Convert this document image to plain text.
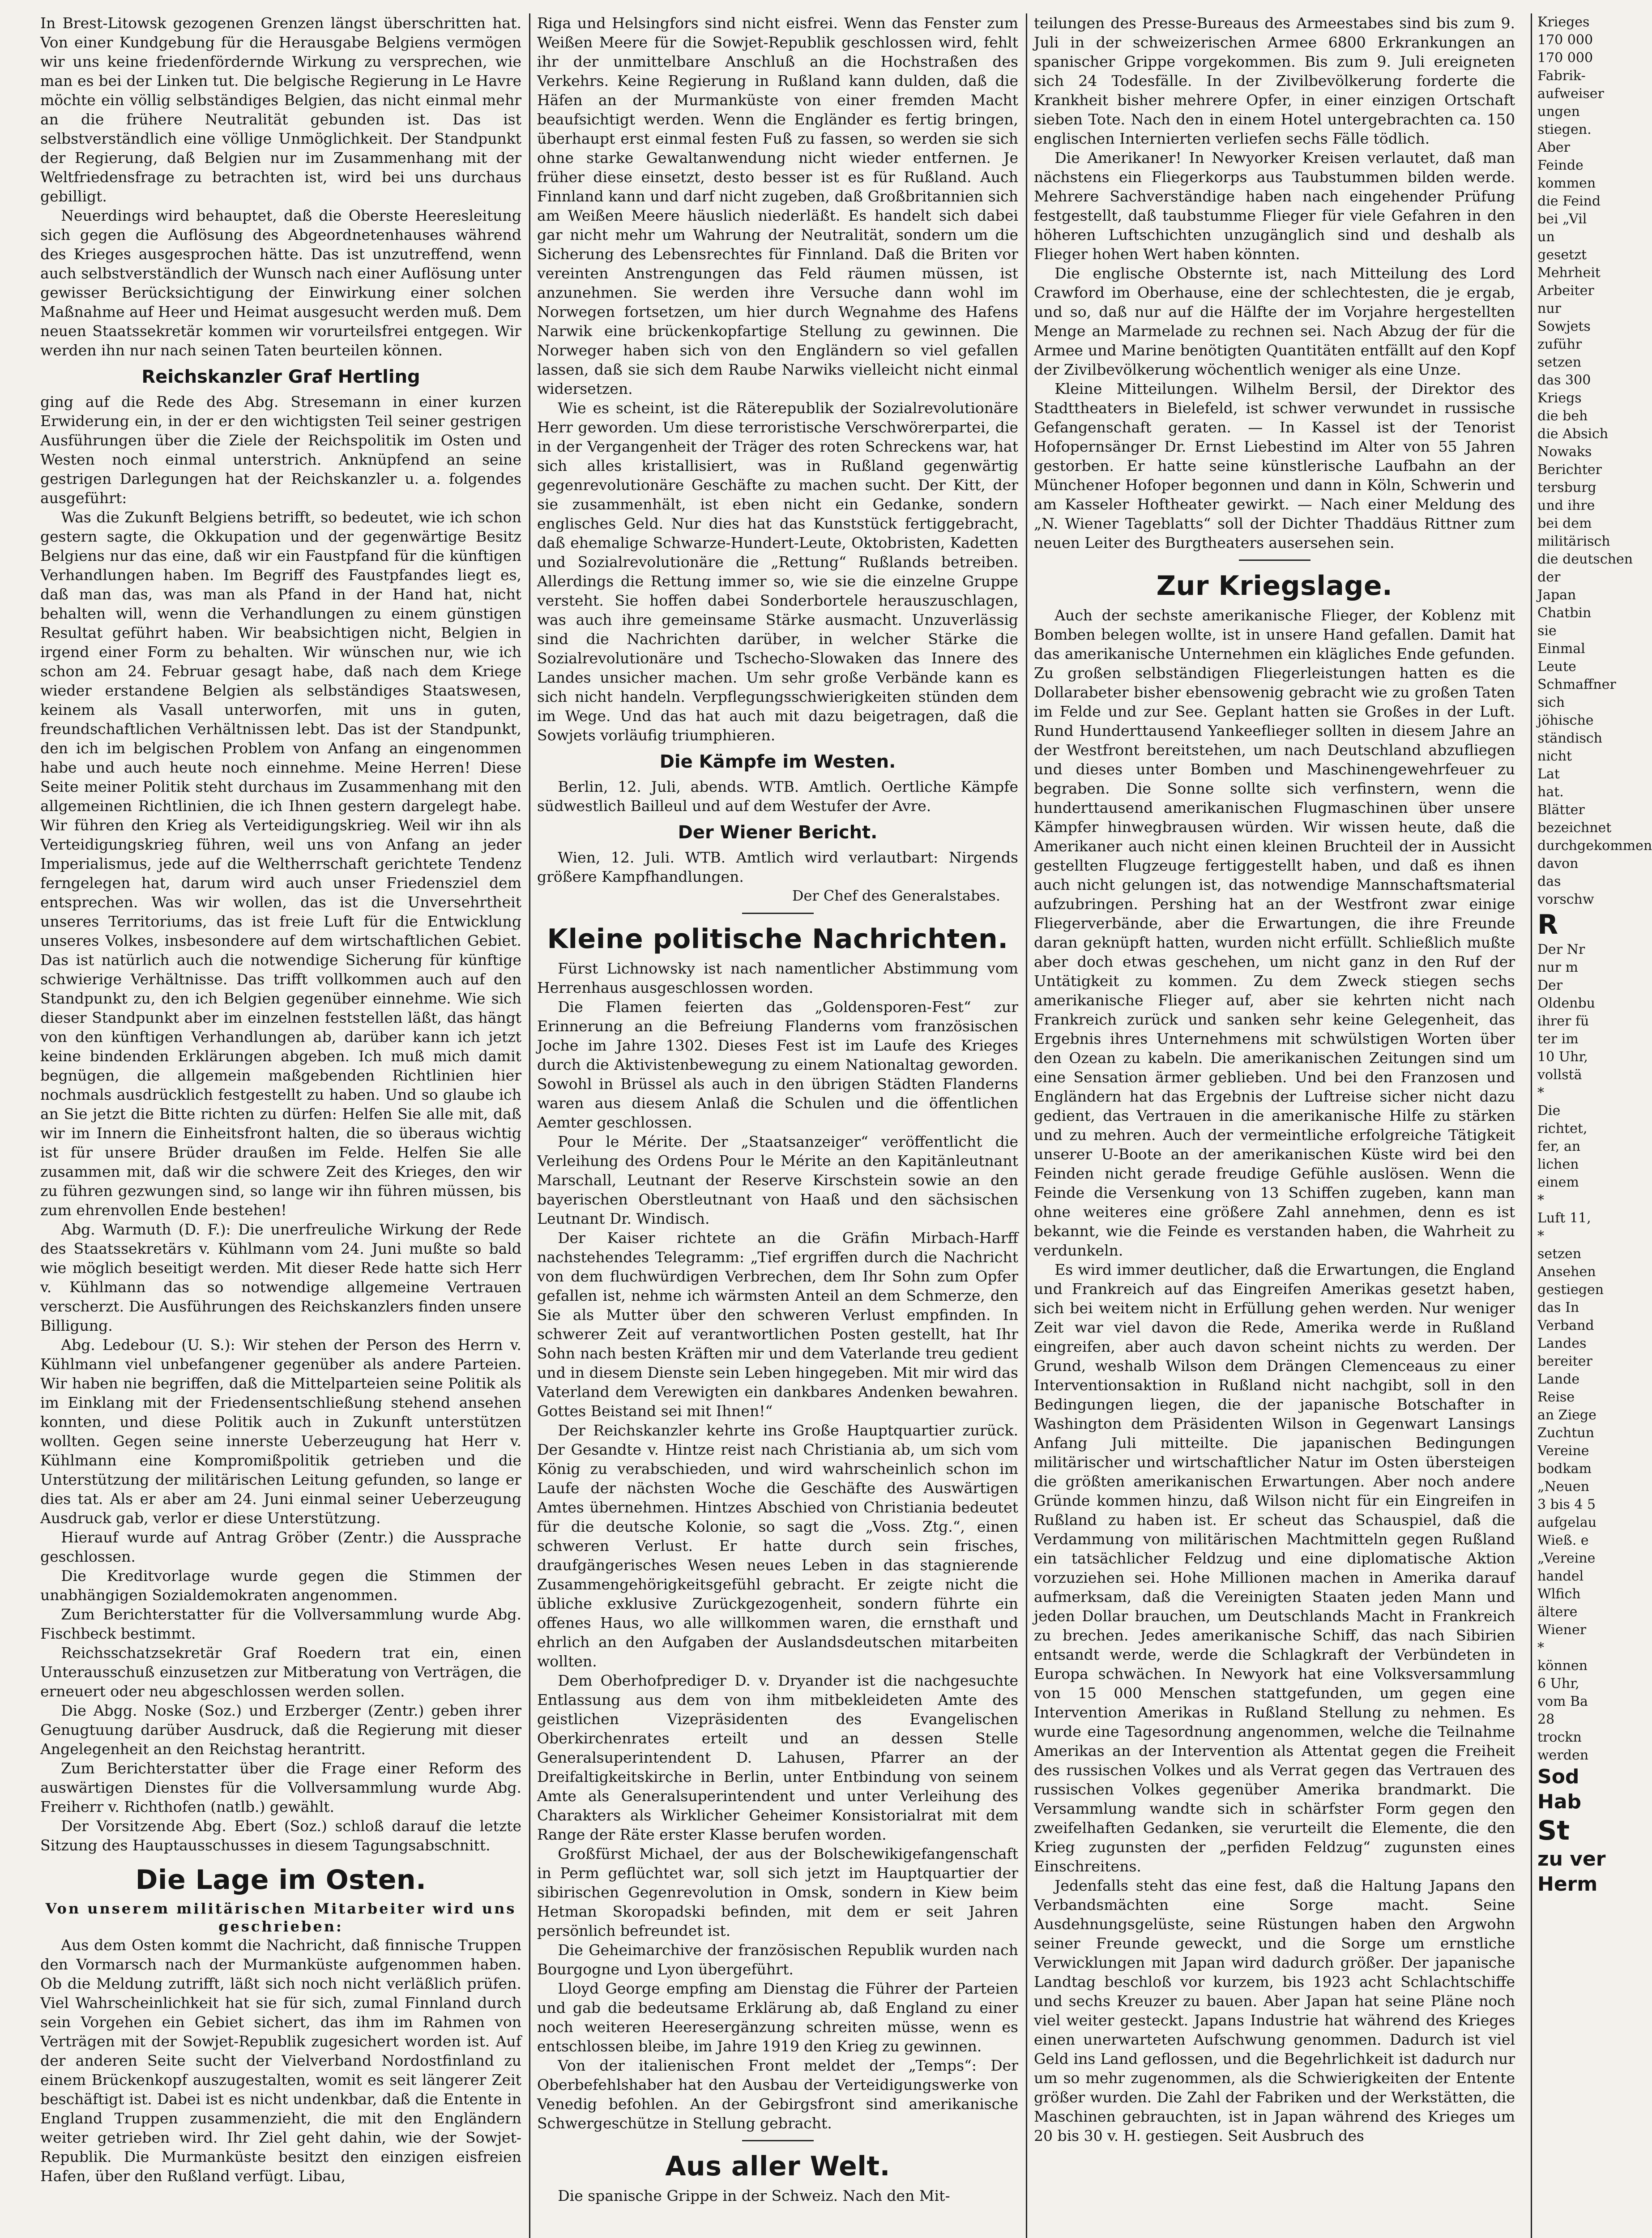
In Brest-Litowsk gezogenen Grenzen längst überschritten hat. Von einer Kundgebung für die Herausgabe Belgiens vermögen wir uns keine friedenfördernde Wirkung zu versprechen, wie man es bei der Linken tut. Die belgische Regierung in Le Havre möchte ein völlig selbständiges Belgien, das nicht einmal mehr an die frühere Neutralität gebunden ist. Das ist selbstverständlich eine völlige Unmöglichkeit. Der Standpunkt der Regierung, daß Belgien nur im Zusammenhang mit der Weltfriedensfrage zu betrachten ist, wird bei uns durchaus gebilligt.

Neuerdings wird behauptet, daß die Oberste Heeresleitung sich gegen die Auflösung des Abgeordnetenhauses während des Krieges ausgesprochen hätte. Das ist unzutreffend, wenn auch selbstverständlich der Wunsch nach einer Auflösung unter gewisser Berücksichtigung der Einwirkung einer solchen Maßnahme auf Heer und Heimat ausgesucht werden muß. Dem neuen Staatssekretär kommen wir vorurteilsfrei entgegen. Wir werden ihn nur nach seinen Taten beurteilen können.

Reichskanzler Graf Hertling

ging auf die Rede des Abg. Stresemann in einer kurzen Erwiderung ein, in der er den wichtigsten Teil seiner gestrigen Ausführungen über die Ziele der Reichspolitik im Osten und Westen noch einmal unterstrich. Anknüpfend an seine gestrigen Darlegungen hat der Reichskanzler u. a. folgendes ausgeführt:

Was die Zukunft Belgiens betrifft, so bedeutet, wie ich schon gestern sagte, die Okkupation und der gegenwärtige Besitz Belgiens nur das eine, daß wir ein Faustpfand für die künftigen Verhandlungen haben. Im Begriff des Faustpfandes liegt es, daß man das, was man als Pfand in der Hand hat, nicht behalten will, wenn die Verhandlungen zu einem günstigen Resultat geführt haben. Wir beabsichtigen nicht, Belgien in irgend einer Form zu behalten. Wir wünschen nur, wie ich schon am 24. Februar gesagt habe, daß nach dem Kriege wieder erstandene Belgien als selbständiges Staatswesen, keinem als Vasall unterworfen, mit uns in guten, freundschaftlichen Verhältnissen lebt. Das ist der Standpunkt, den ich im belgischen Problem von Anfang an eingenommen habe und auch heute noch einnehme. Meine Herren! Diese Seite meiner Politik steht durchaus im Zusammenhang mit den allgemeinen Richtlinien, die ich Ihnen gestern dargelegt habe. Wir führen den Krieg als Verteidigungskrieg. Weil wir ihn als Verteidigungskrieg führen, weil uns von Anfang an jeder Imperialismus, jede auf die Weltherrschaft gerichtete Tendenz ferngelegen hat, darum wird auch unser Friedensziel dem entsprechen. Was wir wollen, das ist die Unversehrtheit unseres Territoriums, das ist freie Luft für die Entwicklung unseres Volkes, insbesondere auf dem wirtschaftlichen Gebiet. Das ist natürlich auch die notwendige Sicherung für künftige schwierige Verhältnisse. Das trifft vollkommen auch auf den Standpunkt zu, den ich Belgien gegenüber einnehme. Wie sich dieser Standpunkt aber im einzelnen feststellen läßt, das hängt von den künftigen Verhandlungen ab, darüber kann ich jetzt keine bindenden Erklärungen abgeben. Ich muß mich damit begnügen, die allgemein maßgebenden Richtlinien hier nochmals ausdrücklich festgestellt zu haben. Und so glaube ich an Sie jetzt die Bitte richten zu dürfen: Helfen Sie alle mit, daß wir im Innern die Einheitsfront halten, die so überaus wichtig ist für unsere Brüder draußen im Felde. Helfen Sie alle zusammen mit, daß wir die schwere Zeit des Krieges, den wir zu führen gezwungen sind, so lange wir ihn führen müssen, bis zum ehrenvollen Ende bestehen!

Abg. Warmuth (D. F.): Die unerfreuliche Wirkung der Rede des Staatssekretärs v. Kühlmann vom 24. Juni mußte so bald wie möglich beseitigt werden. Mit dieser Rede hatte sich Herr v. Kühlmann das so notwendige allgemeine Vertrauen verscherzt. Die Ausführungen des Reichskanzlers finden unsere Billigung.

Abg. Ledebour (U. S.): Wir stehen der Person des Herrn v. Kühlmann viel unbefangener gegenüber als andere Parteien. Wir haben nie begriffen, daß die Mittelparteien seine Politik als im Einklang mit der Friedensentschließung stehend ansehen konnten, und diese Politik auch in Zukunft unterstützen wollten. Gegen seine innerste Ueberzeugung hat Herr v. Kühlmann eine Kompromißpolitik getrieben und die Unterstützung der militärischen Leitung gefunden, so lange er dies tat. Als er aber am 24. Juni einmal seiner Ueberzeugung Ausdruck gab, verlor er diese Unterstützung.

Hierauf wurde auf Antrag Gröber (Zentr.) die Aussprache geschlossen.

Die Kreditvorlage wurde gegen die Stimmen der unabhängigen Sozialdemokraten angenommen.

Zum Berichterstatter für die Vollversammlung wurde Abg. Fischbeck bestimmt.

Reichsschatzsekretär Graf Roedern trat ein, einen Unterausschuß einzusetzen zur Mitberatung von Verträgen, die erneuert oder neu abgeschlossen werden sollen.

Die Abgg. Noske (Soz.) und Erzberger (Zentr.) geben ihrer Genugtuung darüber Ausdruck, daß die Regierung mit dieser Angelegenheit an den Reichstag herantritt.

Zum Berichterstatter über die Frage einer Reform des auswärtigen Dienstes für die Vollversammlung wurde Abg. Freiherr v. Richthofen (natlb.) gewählt.

Der Vorsitzende Abg. Ebert (Soz.) schloß darauf die letzte Sitzung des Hauptausschusses in diesem Tagungsabschnitt.

Die Lage im Osten.
Von unserem militärischen Mitarbeiter wird uns geschrieben:

Aus dem Osten kommt die Nachricht, daß finnische Truppen den Vormarsch nach der Murmanküste aufgenommen haben. Ob die Meldung zutrifft, läßt sich noch nicht verläßlich prüfen. Viel Wahrscheinlichkeit hat sie für sich, zumal Finnland durch sein Vorgehen ein Gebiet sichert, das ihm im Rahmen von Verträgen mit der Sowjet-Republik zugesichert worden ist. Auf der anderen Seite sucht der Vielverband Nordostfinland zu einem Brückenkopf auszugestalten, womit es seit längerer Zeit beschäftigt ist. Dabei ist es nicht undenkbar, daß die Entente in England Truppen zusammenzieht, die mit den Engländern weiter getrieben wird. Ihr Ziel geht dahin, wie der Sowjet-Republik. Die Murmanküste besitzt den einzigen eisfreien Hafen, über den Rußland verfügt. Libau,

Riga und Helsingfors sind nicht eisfrei. Wenn das Fenster zum Weißen Meere für die Sowjet-Republik geschlossen wird, fehlt ihr der unmittelbare Anschluß an die Hochstraßen des Verkehrs. Keine Regierung in Rußland kann dulden, daß die Häfen an der Murmanküste von einer fremden Macht beaufsichtigt werden. Wenn die Engländer es fertig bringen, überhaupt erst einmal festen Fuß zu fassen, so werden sie sich ohne starke Gewaltanwendung nicht wieder entfernen. Je früher diese einsetzt, desto besser ist es für Rußland. Auch Finnland kann und darf nicht zugeben, daß Großbritannien sich am Weißen Meere häuslich niederläßt. Es handelt sich dabei gar nicht mehr um Wahrung der Neutralität, sondern um die Sicherung des Lebensrechtes für Finnland. Daß die Briten vor vereinten Anstrengungen das Feld räumen müssen, ist anzunehmen. Sie werden ihre Versuche dann wohl im Norwegen fortsetzen, um hier durch Wegnahme des Hafens Narwik eine brückenkopfartige Stellung zu gewinnen. Die Norweger haben sich von den Engländern so viel gefallen lassen, daß sie sich dem Raube Narwiks vielleicht nicht einmal widersetzen.

Wie es scheint, ist die Räterepublik der Sozialrevolutionäre Herr geworden. Um diese terroristische Verschwörerpartei, die in der Vergangenheit der Träger des roten Schreckens war, hat sich alles kristallisiert, was in Rußland gegenwärtig gegenrevolutionäre Geschäfte zu machen sucht. Der Kitt, der sie zusammenhält, ist eben nicht ein Gedanke, sondern englisches Geld. Nur dies hat das Kunststück fertiggebracht, daß ehemalige Schwarze-Hundert-Leute, Oktobristen, Kadetten und Sozialrevolutionäre die „Rettung“ Rußlands betreiben. Allerdings die Rettung immer so, wie sie die einzelne Gruppe versteht. Sie hoffen dabei Sonderbortele herauszuschlagen, was auch ihre gemeinsame Stärke ausmacht. Unzuverlässig sind die Nachrichten darüber, in welcher Stärke die Sozialrevolutionäre und Tschecho-Slowaken das Innere des Landes unsicher machen. Um sehr große Verbände kann es sich nicht handeln. Verpflegungsschwierigkeiten stünden dem im Wege. Und das hat auch mit dazu beigetragen, daß die Sowjets vorläufig triumphieren.

Die Kämpfe im Westen.

Berlin, 12. Juli, abends. WTB. Amtlich. Oertliche Kämpfe südwestlich Bailleul und auf dem Westufer der Avre.

Der Wiener Bericht.

Wien, 12. Juli. WTB. Amtlich wird verlautbart: Nirgends größere Kampfhandlungen.

Der Chef des Generalstabes.
Kleine politische Nachrichten.

Fürst Lichnowsky ist nach namentlicher Abstimmung vom Herrenhaus ausgeschlossen worden.

Die Flamen feierten das „Goldensporen-Fest“ zur Erinnerung an die Befreiung Flanderns vom französischen Joche im Jahre 1302. Dieses Fest ist im Laufe des Krieges durch die Aktivistenbewegung zu einem Nationaltag geworden. Sowohl in Brüssel als auch in den übrigen Städten Flanderns waren aus diesem Anlaß die Schulen und die öffentlichen Aemter geschlossen.

Pour le Mérite. Der „Staatsanzeiger“ veröffentlicht die Verleihung des Ordens Pour le Mérite an den Kapitänleutnant Marschall, Leutnant der Reserve Kirschstein sowie an den bayerischen Oberstleutnant von Haaß und den sächsischen Leutnant Dr. Windisch.

Der Kaiser richtete an die Gräfin Mirbach-Harff nachstehendes Telegramm: „Tief ergriffen durch die Nachricht von dem fluchwürdigen Verbrechen, dem Ihr Sohn zum Opfer gefallen ist, nehme ich wärmsten Anteil an dem Schmerze, den Sie als Mutter über den schweren Verlust empfinden. In schwerer Zeit auf verantwortlichen Posten gestellt, hat Ihr Sohn nach besten Kräften mir und dem Vaterlande treu gedient und in diesem Dienste sein Leben hingegeben. Mit mir wird das Vaterland dem Verewigten ein dankbares Andenken bewahren. Gottes Beistand sei mit Ihnen!“

Der Reichskanzler kehrte ins Große Hauptquartier zurück. Der Gesandte v. Hintze reist nach Christiania ab, um sich vom König zu verabschieden, und wird wahrscheinlich schon im Laufe der nächsten Woche die Geschäfte des Auswärtigen Amtes übernehmen. Hintzes Abschied von Christiania bedeutet für die deutsche Kolonie, so sagt die „Voss. Ztg.“, einen schweren Verlust. Er hatte durch sein frisches, draufgängerisches Wesen neues Leben in das stagnierende Zusammengehörigkeitsgefühl gebracht. Er zeigte nicht die übliche exklusive Zurückgezogenheit, sondern führte ein offenes Haus, wo alle willkommen waren, die ernsthaft und ehrlich an den Aufgaben der Auslandsdeutschen mitarbeiten wollten.

Dem Oberhofprediger D. v. Dryander ist die nachgesuchte Entlassung aus dem von ihm mitbekleideten Amte des geistlichen Vizepräsidenten des Evangelischen Oberkirchenrates erteilt und an dessen Stelle Generalsuperintendent D. Lahusen, Pfarrer an der Dreifaltigkeitskirche in Berlin, unter Entbindung von seinem Amte als Generalsuperintendent und unter Verleihung des Charakters als Wirklicher Geheimer Konsistorialrat mit dem Range der Räte erster Klasse berufen worden.

Großfürst Michael, der aus der Bolschewikigefangenschaft in Perm geflüchtet war, soll sich jetzt im Hauptquartier der sibirischen Gegenrevolution in Omsk, sondern in Kiew beim Hetman Skoropadski befinden, mit dem er seit Jahren persönlich befreundet ist.

Die Geheimarchive der französischen Republik wurden nach Bourgogne und Lyon übergeführt.

Lloyd George empfing am Dienstag die Führer der Parteien und gab die bedeutsame Erklärung ab, daß England zu einer noch weiteren Heeresergänzung schreiten müsse, wenn es entschlossen bleibe, im Jahre 1919 den Krieg zu gewinnen.

Von der italienischen Front meldet der „Temps“: Der Oberbefehlshaber hat den Ausbau der Verteidigungswerke von Venedig befohlen. An der Gebirgsfront sind amerikanische Schwergeschütze in Stellung gebracht.

Aus aller Welt.

Die spanische Grippe in der Schweiz. Nach den Mit-

teilungen des Presse-Bureaus des Armeestabes sind bis zum 9. Juli in der schweizerischen Armee 6800 Erkrankungen an spanischer Grippe vorgekommen. Bis zum 9. Juli ereigneten sich 24 Todesfälle. In der Zivilbevölkerung forderte die Krankheit bisher mehrere Opfer, in einer einzigen Ortschaft sieben Tote. Nach den in einem Hotel untergebrachten ca. 150 englischen Internierten verliefen sechs Fälle tödlich.

Die Amerikaner! In Newyorker Kreisen verlautet, daß man nächstens ein Fliegerkorps aus Taubstummen bilden werde. Mehrere Sachverständige haben nach eingehender Prüfung festgestellt, daß taubstumme Flieger für viele Gefahren in den höheren Luftschichten unzugänglich sind und deshalb als Flieger hohen Wert haben könnten.

Die englische Obsternte ist, nach Mitteilung des Lord Crawford im Oberhause, eine der schlechtesten, die je ergab, und so, daß nur auf die Hälfte der im Vorjahre hergestellten Menge an Marmelade zu rechnen sei. Nach Abzug der für die Armee und Marine benötigten Quantitäten entfällt auf den Kopf der Zivilbevölkerung wöchentlich weniger als eine Unze.

Kleine Mitteilungen. Wilhelm Bersil, der Direktor des Stadttheaters in Bielefeld, ist schwer verwundet in russische Gefangenschaft geraten. — In Kassel ist der Tenorist Hofopernsänger Dr. Ernst Liebestind im Alter von 55 Jahren gestorben. Er hatte seine künstlerische Laufbahn an der Münchener Hofoper begonnen und dann in Köln, Schwerin und am Kasseler Hoftheater gewirkt. — Nach einer Meldung des „N. Wiener Tageblatts“ soll der Dichter Thaddäus Rittner zum neuen Leiter des Burgtheaters ausersehen sein.

Zur Kriegslage.

Auch der sechste amerikanische Flieger, der Koblenz mit Bomben belegen wollte, ist in unsere Hand gefallen. Damit hat das amerikanische Unternehmen ein klägliches Ende gefunden. Zu großen selbständigen Fliegerleistungen hatten es die Dollarabeter bisher ebensowenig gebracht wie zu großen Taten im Felde und zur See. Geplant hatten sie Großes in der Luft. Rund Hunderttausend Yankeeflieger sollten in diesem Jahre an der Westfront bereitstehen, um nach Deutschland abzufliegen und dieses unter Bomben und Maschinengewehrfeuer zu begraben. Die Sonne sollte sich verfinstern, wenn die hunderttausend amerikanischen Flugmaschinen über unsere Kämpfer hinwegbrausen würden. Wir wissen heute, daß die Amerikaner auch nicht einen kleinen Bruchteil der in Aussicht gestellten Flugzeuge fertiggestellt haben, und daß es ihnen auch nicht gelungen ist, das notwendige Mannschaftsmaterial aufzubringen. Pershing hat an der Westfront zwar einige Fliegerverbände, aber die Erwartungen, die ihre Freunde daran geknüpft hatten, wurden nicht erfüllt. Schließlich mußte aber doch etwas geschehen, um nicht ganz in den Ruf der Untätigkeit zu kommen. Zu dem Zweck stiegen sechs amerikanische Flieger auf, aber sie kehrten nicht nach Frankreich zurück und sanken sehr keine Gelegenheit, das Ergebnis ihres Unternehmens mit schwülstigen Worten über den Ozean zu kabeln. Die amerikanischen Zeitungen sind um eine Sensation ärmer geblieben. Und bei den Franzosen und Engländern hat das Ergebnis der Luftreise sicher nicht dazu gedient, das Vertrauen in die amerikanische Hilfe zu stärken und zu mehren. Auch der vermeintliche erfolgreiche Tätigkeit unserer U-Boote an der amerikanischen Küste wird bei den Feinden nicht gerade freudige Gefühle auslösen. Wenn die Feinde die Versenkung von 13 Schiffen zugeben, kann man ohne weiteres eine größere Zahl annehmen, denn es ist bekannt, wie die Feinde es verstanden haben, die Wahrheit zu verdunkeln.

Es wird immer deutlicher, daß die Erwartungen, die England und Frankreich auf das Eingreifen Amerikas gesetzt haben, sich bei weitem nicht in Erfüllung gehen werden. Nur weniger Zeit war viel davon die Rede, Amerika werde in Rußland eingreifen, aber auch davon scheint nichts zu werden. Der Grund, weshalb Wilson dem Drängen Clemenceaus zu einer Interventionsaktion in Rußland nicht nachgibt, soll in den Bedingungen liegen, die der japanische Botschafter in Washington dem Präsidenten Wilson in Gegenwart Lansings Anfang Juli mitteilte. Die japanischen Bedingungen militärischer und wirtschaftlicher Natur im Osten übersteigen die größten amerikanischen Erwartungen. Aber noch andere Gründe kommen hinzu, daß Wilson nicht für ein Eingreifen in Rußland zu haben ist. Er scheut das Schauspiel, daß die Verdammung von militärischen Machtmitteln gegen Rußland ein tatsächlicher Feldzug und eine diplomatische Aktion vorzuziehen sei. Hohe Millionen machen in Amerika darauf aufmerksam, daß die Vereinigten Staaten jeden Mann und jeden Dollar brauchen, um Deutschlands Macht in Frankreich zu brechen. Jedes amerikanische Schiff, das nach Sibirien entsandt werde, werde die Schlagkraft der Verbündeten in Europa schwächen. In Newyork hat eine Volksversammlung von 15 000 Menschen stattgefunden, um gegen eine Intervention Amerikas in Rußland Stellung zu nehmen. Es wurde eine Tagesordnung angenommen, welche die Teilnahme Amerikas an der Intervention als Attentat gegen die Freiheit des russischen Volkes und als Verrat gegen das Vertrauen des russischen Volkes gegenüber Amerika brandmarkt. Die Versammlung wandte sich in schärfster Form gegen den zweifelhaften Gedanken, sie verurteilt die Elemente, die den Krieg zugunsten der „perfiden Feldzug“ zugunsten eines Einschreitens.

Jedenfalls steht das eine fest, daß die Haltung Japans den Verbandsmächten eine Sorge macht. Seine Ausdehnungsgelüste, seine Rüstungen haben den Argwohn seiner Freunde geweckt, und die Sorge um ernstliche Verwicklungen mit Japan wird dadurch größer. Der japanische Landtag beschloß vor kurzem, bis 1923 acht Schlachtschiffe und sechs Kreuzer zu bauen. Aber Japan hat seine Pläne noch viel weiter gesteckt. Japans Industrie hat während des Krieges einen unerwarteten Aufschwung genommen. Dadurch ist viel Geld ins Land geflossen, und die Begehrlichkeit ist dadurch nur um so mehr zugenommen, als die Schwierigkeiten der Entente größer wurden. Die Zahl der Fabriken und der Werkstätten, die Maschinen gebrauchten, ist in Japan während des Krieges um 20 bis 30 v. H. gestiegen. Seit Ausbruch des

Krieges
170 000
170 000
Fabrik-
aufweiser
ungen
stiegen.
Aber
Feinde
kommen
die Feind
bei „Vil
un
gesetzt
Mehrheit
Arbeiter
nur
Sowjets
zuführ
setzen
das 300
Kriegs
die beh
die Absich
Nowaks
Berichter
tersburg
und ihre
bei dem
militärisch
die deutschen
der
Japan
Chatbin
sie
Einmal
Leute
Schmaffner
sich
jöhische
ständisch
nicht
Lat
hat.
Blätter
bezeichnet
durchgekommen
davon
das
vorschw
R
Der Nr
nur m
Der
Oldenbu
ihrer fü
ter im
10 Uhr,
vollstä
*
Die
richtet,
fer, an
lichen
einem
*
Luft 11,
*
setzen
Ansehen
gestiegen
das In
Verband
Landes
bereiter
Lande
Reise
an Ziege
Zuchtun
Vereine
bodkam
„Neuen
3 bis 4 5
aufgelau
Wieß. e
„Vereine
handel
Wlfich
ältere
Wiener
*
können
6 Uhr,
vom Ba
28
trockn
werden
Sod
Hab
St
zu ver
Herm
